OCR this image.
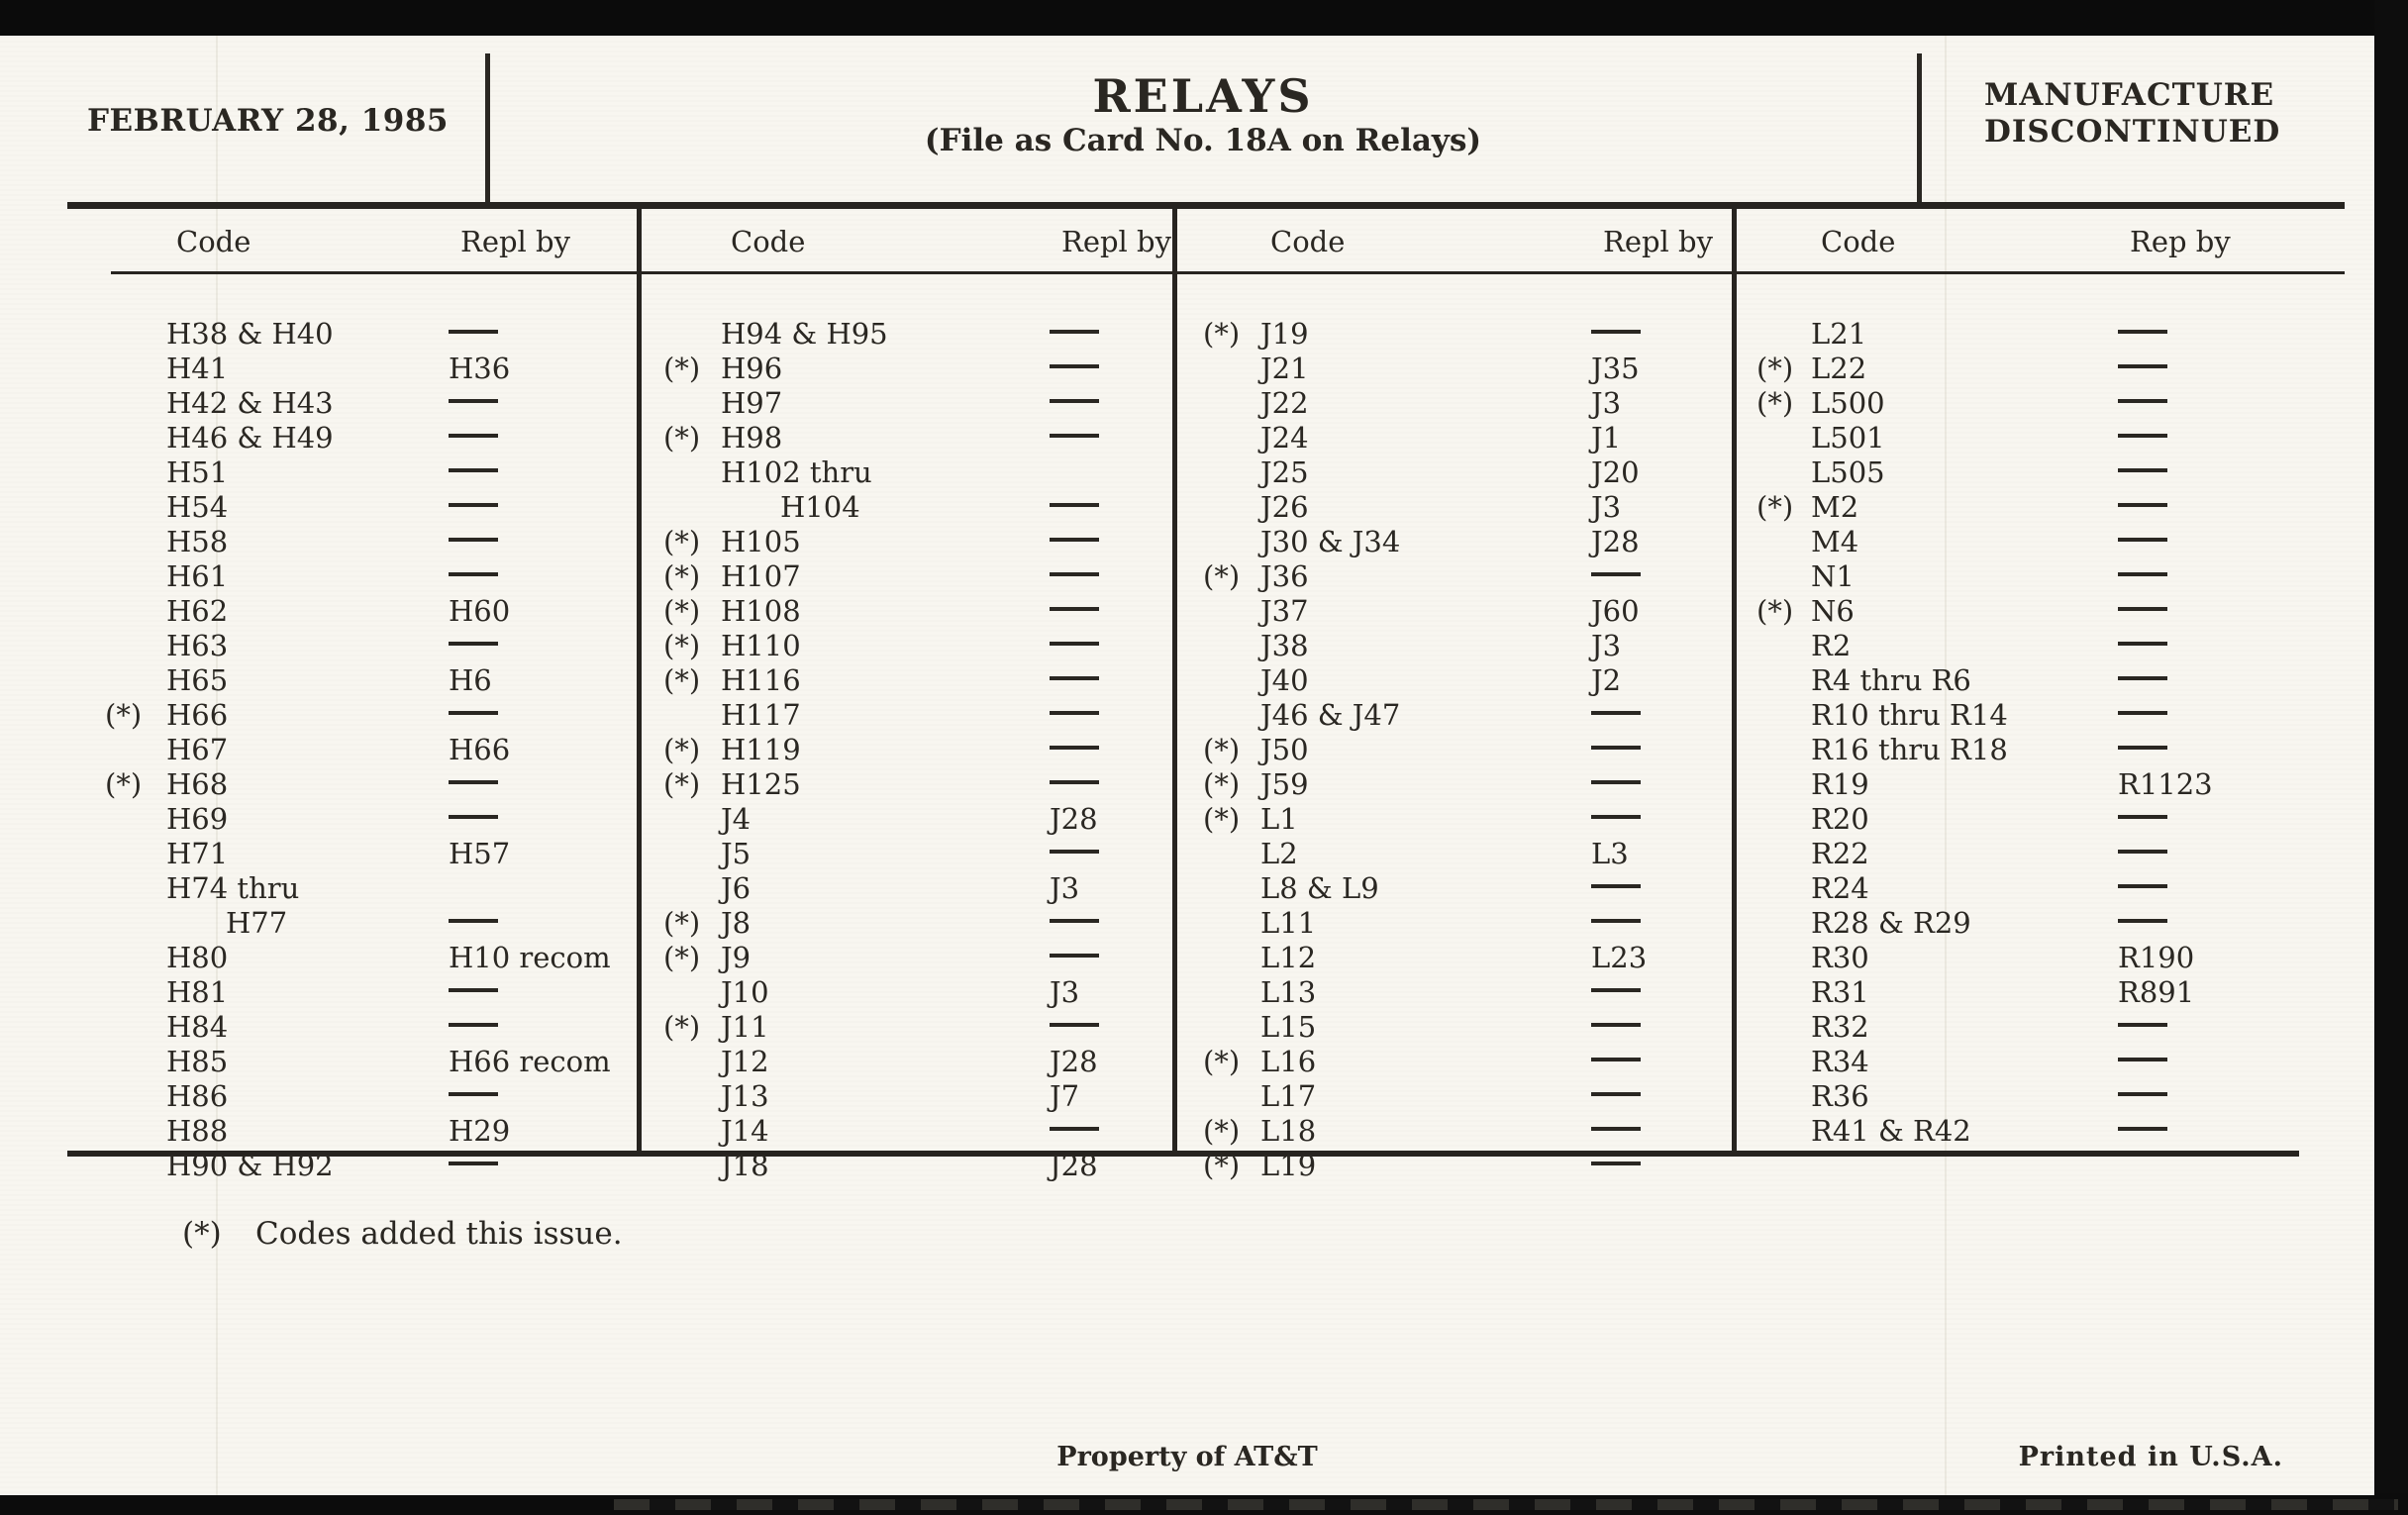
FEBRUARY 28, 1985	RELAYS
(File as Card No. 18A on Relays)
MANUFACTURE
DISCONTINUED
Code	Repl by
H38 & H40
H41	H36
H42 & H43
H46 & H49
H51
H54
H58
H61
H62	H60
H63
H65	H6
(*) H66
H67	H66
(*) H68
H69
H71	H57
H74 thru
H77
H80	H10 recom
H81
H84
H85	H66 recom
H86
H88	H29
H90 & H92
Code	Repl by
H94 & H95
(*) H96
H97
(*) H98
H102 thru
H104
(*) H105
(*) H107
(*) H108
(*) H110
(*) H116
H117
(*) H119
(*) H125
J4	J28
J5
J6	J3
(*) J8
(*) J9
J10	J3
(*) J11
J12	J28
J13	J7
J14
J18	J28
Code	Repl by
(*) J19
J21	J35
J22	J3
J24	J1
J25	J20
J26	J3
J30 & J34	J28
(*) J36
J37	J60
J38	J3
J40	J2
J46 & J47
(*) J50
(*) J59
(*) L1
L2	L3
L8 & L9
L11
L12	L23
L13
L15
(*) L16
L17
(*) L18
(*) L19
Code	Rep by
L21
(*) L22
(*) L500
L501
L505
(*) M2
M4
N1
(*) N6
R2
R4 thru R6
R10 thru R14
R16 thru R18
R19	R1123
R20
R22
R24
R28 & R29
R30	R190
R31	R891
R32
R34
R36
R41 & R42
(*) Codes added this issue.
Property of AT&T	Printed in U.S.A.
